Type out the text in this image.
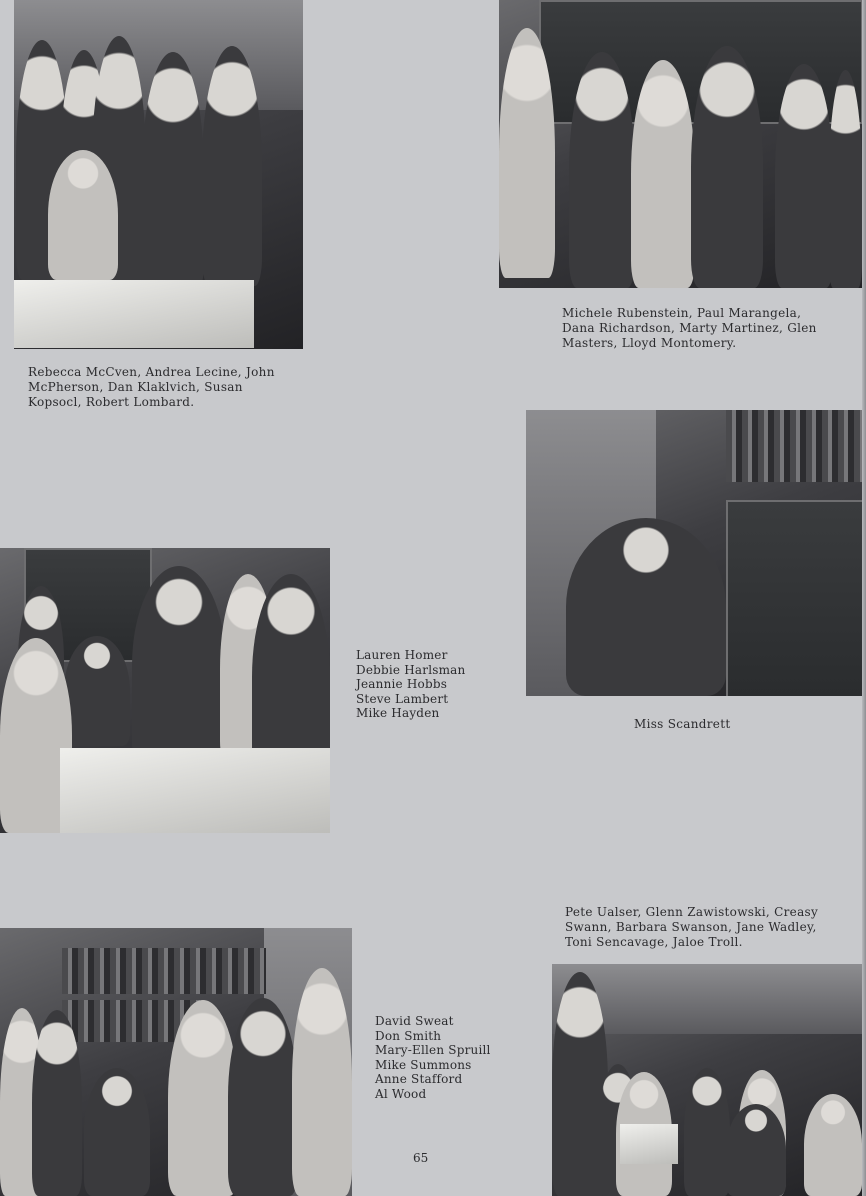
Rebecca McCven, Andrea Lecine, John
McPherson, Dan Klaklvich, Susan
Kopsocl, Robert Lombard.

Michele Rubenstein, Paul Marangela,
Dana Richardson, Marty Martinez, Glen
Masters, Lloyd Montomery.

Miss Scandrett

Lauren Homer
Debbie Harlsman
Jeannie Hobbs
Steve Lambert
Mike Hayden

Pete Ualser, Glenn Zawistowski, Creasy
Swann, Barbara Swanson, Jane Wadley,
Toni Sencavage, Jaloe Troll.

David Sweat
Don Smith
Mary-Ellen Spruill
Mike Summons
Anne Stafford
Al Wood
65
